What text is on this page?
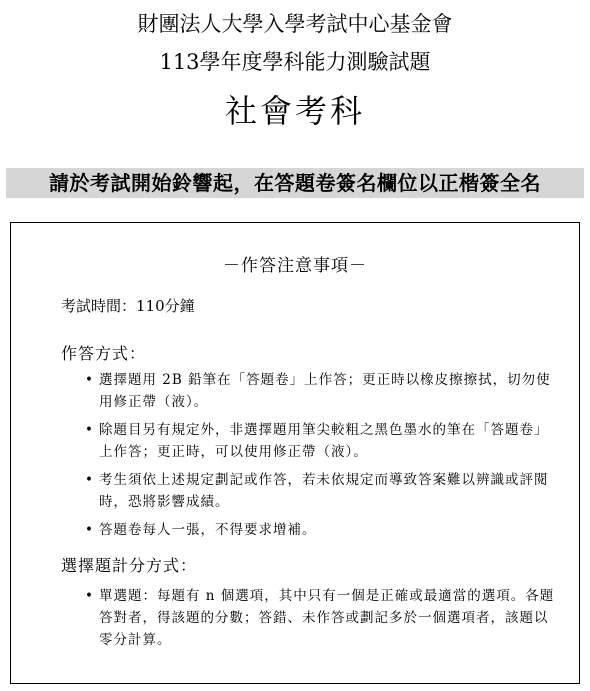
財團法人大學入學考試中心基金會
113學年度學科能力測驗試題
社會考科
請於考試開始鈴響起，在答題卷簽名欄位以正楷簽全名
－作答注意事項－
考試時間：110分鐘
作答方式：
• 選擇題用 2B 鉛筆在「答題卷」上作答；更正時以橡皮擦擦拭，切勿使用修正帶（液）。
• 除題目另有規定外，非選擇題用筆尖較粗之黑色墨水的筆在「答題卷」上作答；更正時，可以使用修正帶（液）。
• 考生須依上述規定劃記或作答，若未依規定而導致答案難以辨識或評閱時，恐將影響成績。
• 答題卷每人一張，不得要求增補。
選擇題計分方式：
• 單選題：每題有 n 個選項，其中只有一個是正確或最適當的選項。各題答對者，得該題的分數；答錯、未作答或劃記多於一個選項者，該題以零分計算。
